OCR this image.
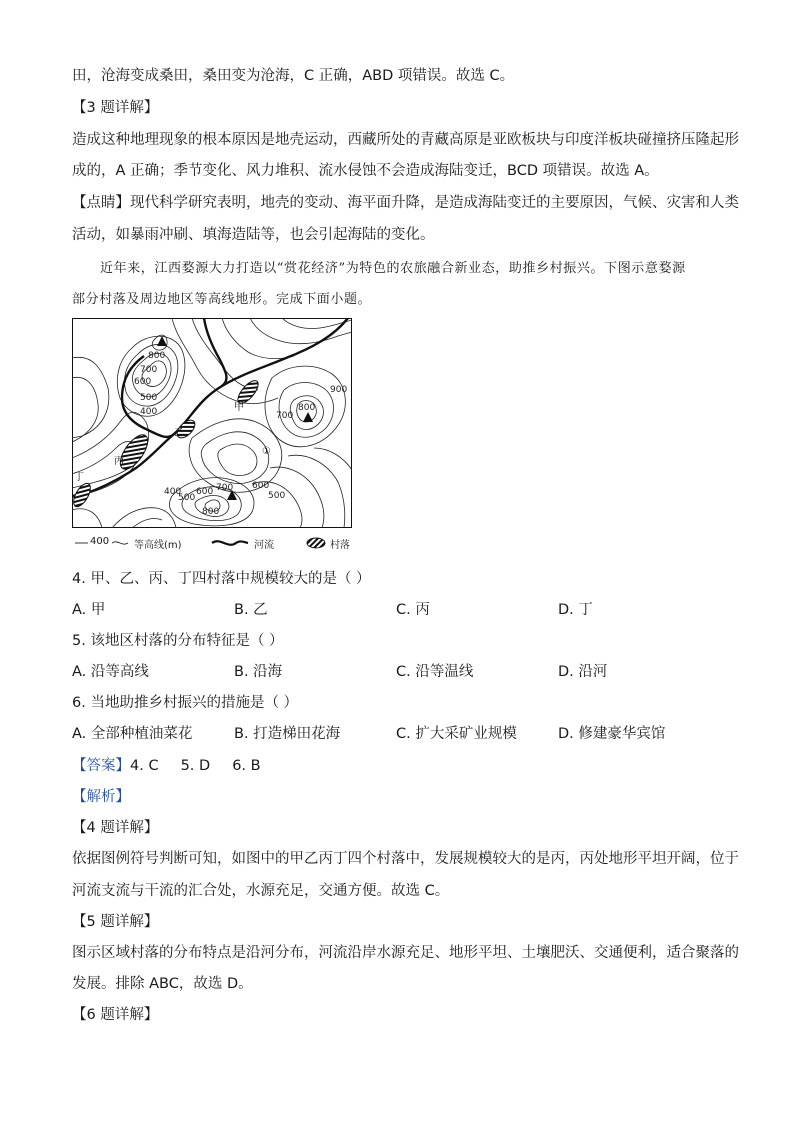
田，沧海变成桑田，桑田变为沧海，C 正确，ABD 项错误。故选 C。
【3 题详解】
造成这种地理现象的根本原因是地壳运动，西藏所处的青藏高原是亚欧板块与印度洋板块碰撞挤压隆起形
成的，A 正确；季节变化、风力堆积、流水侵蚀不会造成海陆变迁，BCD 项错误。故选 A。
【点睛】现代科学研究表明，地壳的变动、海平面升降，是造成海陆变迁的主要原因，气候、灾害和人类
活动，如暴雨冲刷、填海造陆等，也会引起海陆的变化。
近年来，江西婺源大力打造以“赏花经济”为特色的农旅融合新业态，助推乡村振兴。下图示意婺源
部分村落及周边地区等高线地形。完成下面小题。
800
700
600
500
400
900
700
800
400
500
600 700 600
500
800
甲
乙
丙
丁
①
400 等高线(m)	河流	村落
4. 甲、乙、丙、丁四村落中规模较大的是（ ）
A. 甲	B. 乙	C. 丙	D. 丁
5. 该地区村落的分布特征是（ ）
A. 沿等高线	B. 沿海	C. 沿等温线	D. 沿河
6. 当地助推乡村振兴的措施是（ ）
A. 全部种植油菜花	B. 打造梯田花海	C. 扩大采矿业规模	D. 修建豪华宾馆
【答案】4. C 5. D 6. B
【解析】
【4 题详解】
依据图例符号判断可知，如图中的甲乙丙丁四个村落中，发展规模较大的是丙，丙处地形平坦开阔，位于
河流支流与干流的汇合处，水源充足，交通方便。故选 C。
【5 题详解】
图示区域村落的分布特点是沿河分布，河流沿岸水源充足、地形平坦、土壤肥沃、交通便利，适合聚落的
发展。排除 ABC，故选 D。
【6 题详解】
